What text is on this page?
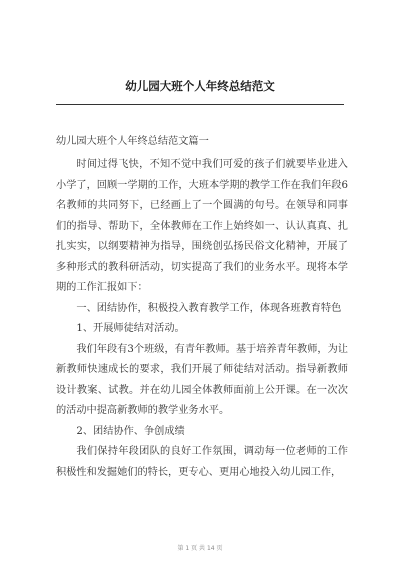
幼儿园大班个人年终总结范文
幼儿园大班个人年终总结范文篇一

时间过得飞快，不知不觉中我们可爱的孩子们就要毕业进入小学了，回顾一学期的工作，大班本学期的教学工作在我们年段6名教师的共同努下，已经画上了一个圆满的句号。在领导和同事们的指导、帮助下，全体教师在工作上始终如一、认认真真、扎扎实实，以纲要精神为指导，围绕创弘扬民俗文化精神，开展了多种形式的教科研活动，切实提高了我们的业务水平。现将本学期的工作汇报如下：

一、团结协作，积极投入教育教学工作，体现各班教育特色

1、开展师徒结对活动。

我们年段有3个班级，有青年教师。基于培养青年教师，为让新教师快速成长的要求，我们开展了师徒结对活动。指导新教师设计教案、试教。并在幼儿园全体教师面前上公开课。在一次次的活动中提高新教师的教学业务水平。

2、团结协作、争创成绩

我们保持年段团队的良好工作氛围，调动每一位老师的工作积极性和发掘她们的特长，更专心、更用心地投入幼儿园工作，

第 1 页 共 14 页
